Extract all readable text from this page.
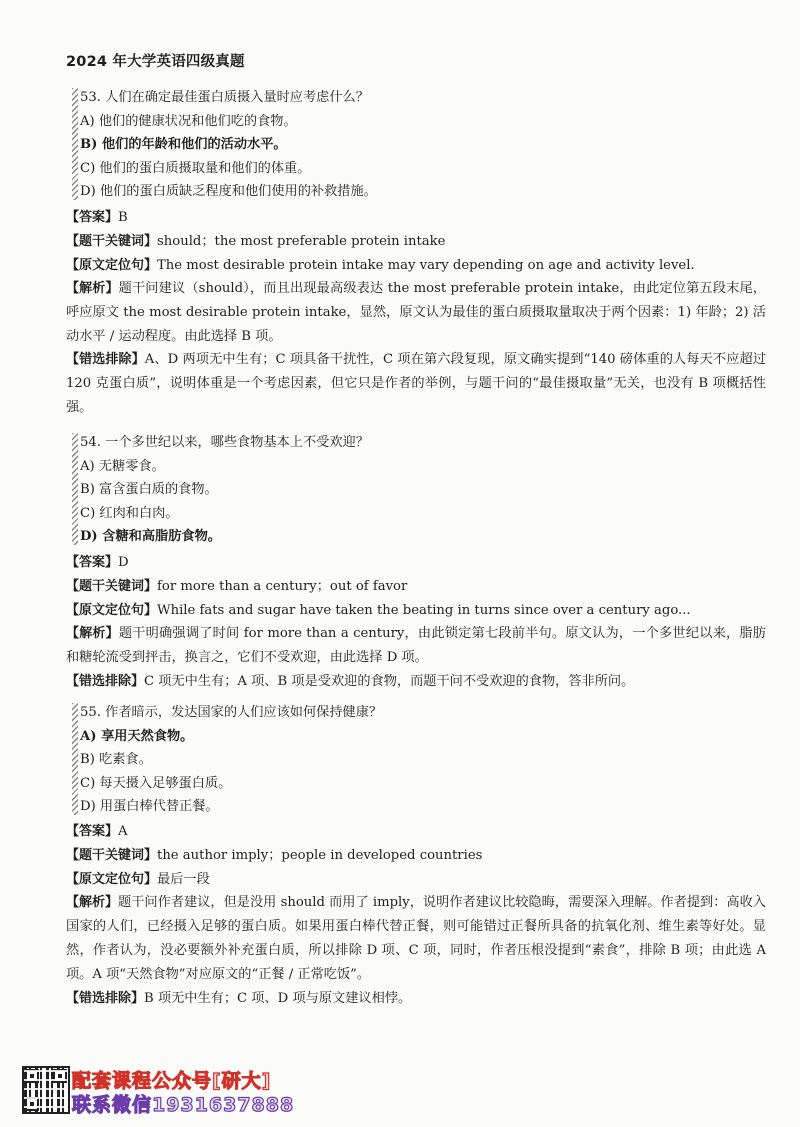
2024 年大学英语四级真题
53. 人们在确定最佳蛋白质摄入量时应考虑什么？
A) 他们的健康状况和他们吃的食物。
B) 他们的年龄和他们的活动水平。
C) 他们的蛋白质摄取量和他们的体重。
D) 他们的蛋白质缺乏程度和他们使用的补救措施。
【答案】B
【题干关键词】should；the most preferable protein intake
【原文定位句】The most desirable protein intake may vary depending on age and activity level.
【解析】题干问建议（should），而且出现最高级表达 the most preferable protein intake，由此定位第五段末尾，呼应原文 the most desirable protein intake，显然，原文认为最佳的蛋白质摄取量取决于两个因素：1) 年龄；2) 活动水平 / 运动程度。由此选择 B 项。
【错选排除】A、D 两项无中生有；C 项具备干扰性，C 项在第六段复现，原文确实提到“140 磅体重的人每天不应超过 120 克蛋白质”，说明体重是一个考虑因素，但它只是作者的举例，与题干问的“最佳摄取量”无关，也没有 B 项概括性强。
54. 一个多世纪以来，哪些食物基本上不受欢迎？
A) 无糖零食。
B) 富含蛋白质的食物。
C) 红肉和白肉。
D) 含糖和高脂肪食物。
【答案】D
【题干关键词】for more than a century；out of favor
【原文定位句】While fats and sugar have taken the beating in turns since over a century ago...
【解析】题干明确强调了时间 for more than a century，由此锁定第七段前半句。原文认为，一个多世纪以来，脂肪和糖轮流受到抨击，换言之，它们不受欢迎，由此选择 D 项。
【错选排除】C 项无中生有；A 项、B 项是受欢迎的食物，而题干问不受欢迎的食物，答非所问。
55. 作者暗示，发达国家的人们应该如何保持健康？
A) 享用天然食物。
B) 吃素食。
C) 每天摄入足够蛋白质。
D) 用蛋白棒代替正餐。
【答案】A
【题干关键词】the author imply；people in developed countries
【原文定位句】最后一段
【解析】题干问作者建议，但是没用 should 而用了 imply，说明作者建议比较隐晦，需要深入理解。作者提到：高收入国家的人们，已经摄入足够的蛋白质。如果用蛋白棒代替正餐，则可能错过正餐所具备的抗氧化剂、维生素等好处。显然，作者认为，没必要额外补充蛋白质，所以排除 D 项、C 项，同时，作者压根没提到“素食”，排除 B 项；由此选 A 项。A 项“天然食物”对应原文的“正餐 / 正常吃饭”。
【错选排除】B 项无中生有；C 项、D 项与原文建议相悖。
配套课程公众号[研大]
联系微信1931637888
